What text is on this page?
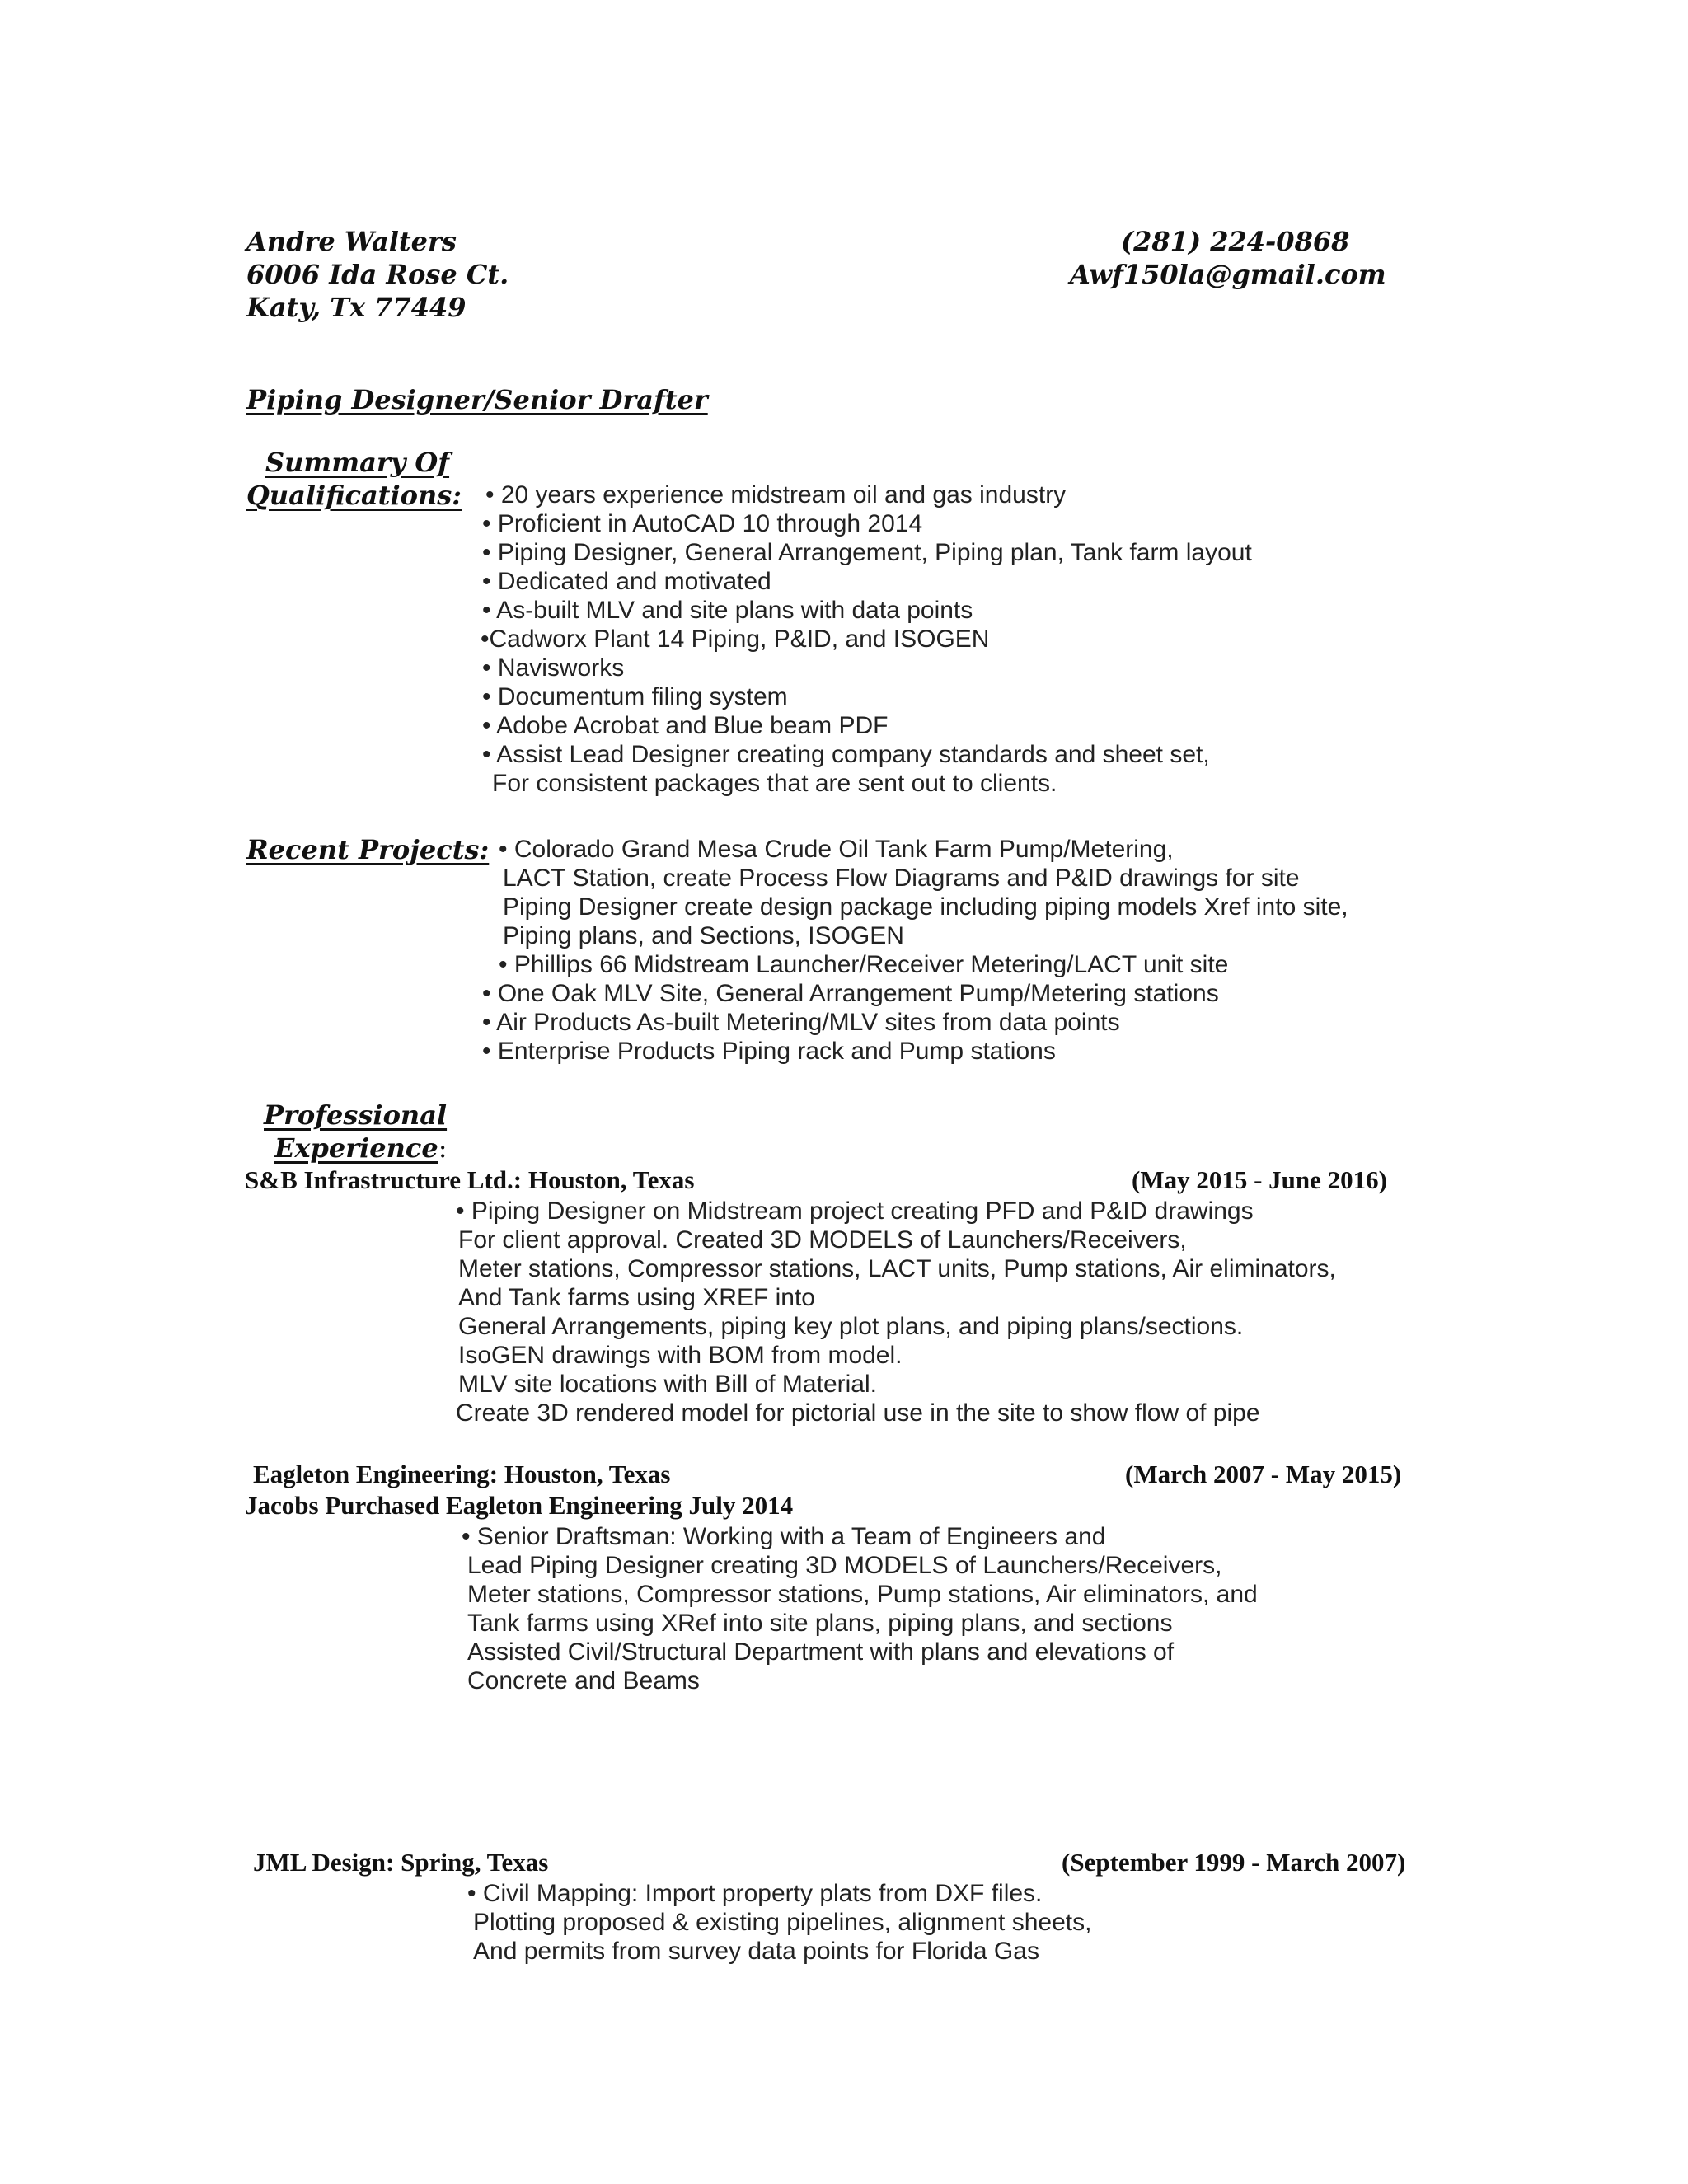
Andre Walters
6006 Ida Rose Ct.
Katy, Tx 77449
(281) 224-0868
Awf150la@gmail.com
Piping Designer/Senior Drafter
Summary Of
Qualifications: • 20 years experience midstream oil and gas industry
• Proficient in AutoCAD 10 through 2014
• Piping Designer, General Arrangement, Piping plan, Tank farm layout
• Dedicated and motivated
• As-built MLV and site plans with data points
•Cadworx Plant 14 Piping, P&ID, and ISOGEN
• Navisworks
• Documentum filing system
• Adobe Acrobat and Blue beam PDF
• Assist Lead Designer creating company standards and sheet set,
For consistent packages that are sent out to clients.
Recent Projects: • Colorado Grand Mesa Crude Oil Tank Farm Pump/Metering,
LACT Station, create Process Flow Diagrams and P&ID drawings for site
Piping Designer create design package including piping models Xref into site,
Piping plans, and Sections, ISOGEN
• Phillips 66 Midstream Launcher/Receiver Metering/LACT unit site
• One Oak MLV Site, General Arrangement Pump/Metering stations
• Air Products As-built Metering/MLV sites from data points
• Enterprise Products Piping rack and Pump stations
Professional
Experience:
S&B Infrastructure Ltd.: Houston, Texas	(May 2015 - June 2016)
• Piping Designer on Midstream project creating PFD and P&ID drawings
For client approval. Created 3D MODELS of Launchers/Receivers,
Meter stations, Compressor stations, LACT units, Pump stations, Air eliminators,
And Tank farms using XREF into
General Arrangements, piping key plot plans, and piping plans/sections.
IsoGEN drawings with BOM from model.
MLV site locations with Bill of Material.
Create 3D rendered model for pictorial use in the site to show flow of pipe
Eagleton Engineering: Houston, Texas	(March 2007 - May 2015)
Jacobs Purchased Eagleton Engineering July 2014
• Senior Draftsman: Working with a Team of Engineers and
Lead Piping Designer creating 3D MODELS of Launchers/Receivers,
Meter stations, Compressor stations, Pump stations, Air eliminators, and
Tank farms using XRef into site plans, piping plans, and sections
Assisted Civil/Structural Department with plans and elevations of
Concrete and Beams
JML Design: Spring, Texas	(September 1999 - March 2007)
• Civil Mapping: Import property plats from DXF files.
Plotting proposed & existing pipelines, alignment sheets,
And permits from survey data points for Florida Gas
